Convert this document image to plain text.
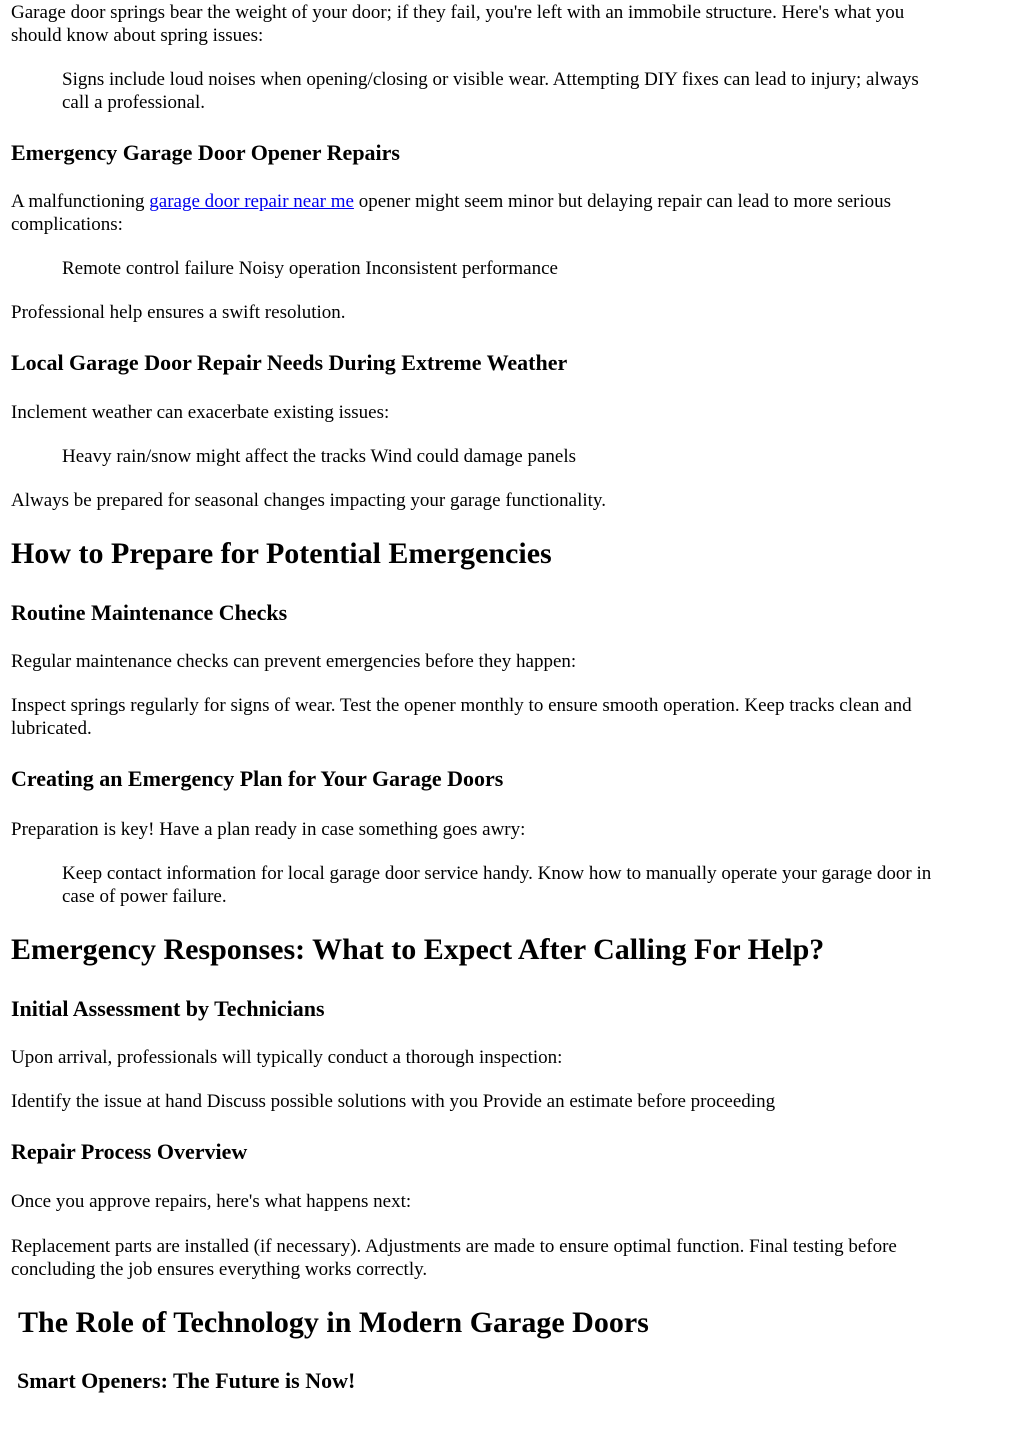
Garage door springs bear the weight of your door; if they fail, you're left with an immobile structure. Here's what you

should know about spring issues:

Signs include loud noises when opening/closing or visible wear. Attempting DIY fixes can lead to injury; always

call a professional.

Emergency Garage Door Opener Repairs

A malfunctioning garage door repair near me opener might seem minor but delaying repair can lead to more serious

complications:

Remote control failure Noisy operation Inconsistent performance

Professional help ensures a swift resolution.

Local Garage Door Repair Needs During Extreme Weather

Inclement weather can exacerbate existing issues:

Heavy rain/snow might affect the tracks Wind could damage panels

Always be prepared for seasonal changes impacting your garage functionality.

How to Prepare for Potential Emergencies
Routine Maintenance Checks

Regular maintenance checks can prevent emergencies before they happen:

Inspect springs regularly for signs of wear. Test the opener monthly to ensure smooth operation. Keep tracks clean and

lubricated.

Creating an Emergency Plan for Your Garage Doors

Preparation is key! Have a plan ready in case something goes awry:

Keep contact information for local garage door service handy. Know how to manually operate your garage door in

case of power failure.

Emergency Responses: What to Expect After Calling For Help?
Initial Assessment by Technicians

Upon arrival, professionals will typically conduct a thorough inspection:

Identify the issue at hand Discuss possible solutions with you Provide an estimate before proceeding

Repair Process Overview

Once you approve repairs, here's what happens next:

Replacement parts are installed (if necessary). Adjustments are made to ensure optimal function. Final testing before

concluding the job ensures everything works correctly.

The Role of Technology in Modern Garage Doors
Smart Openers: The Future is Now!
